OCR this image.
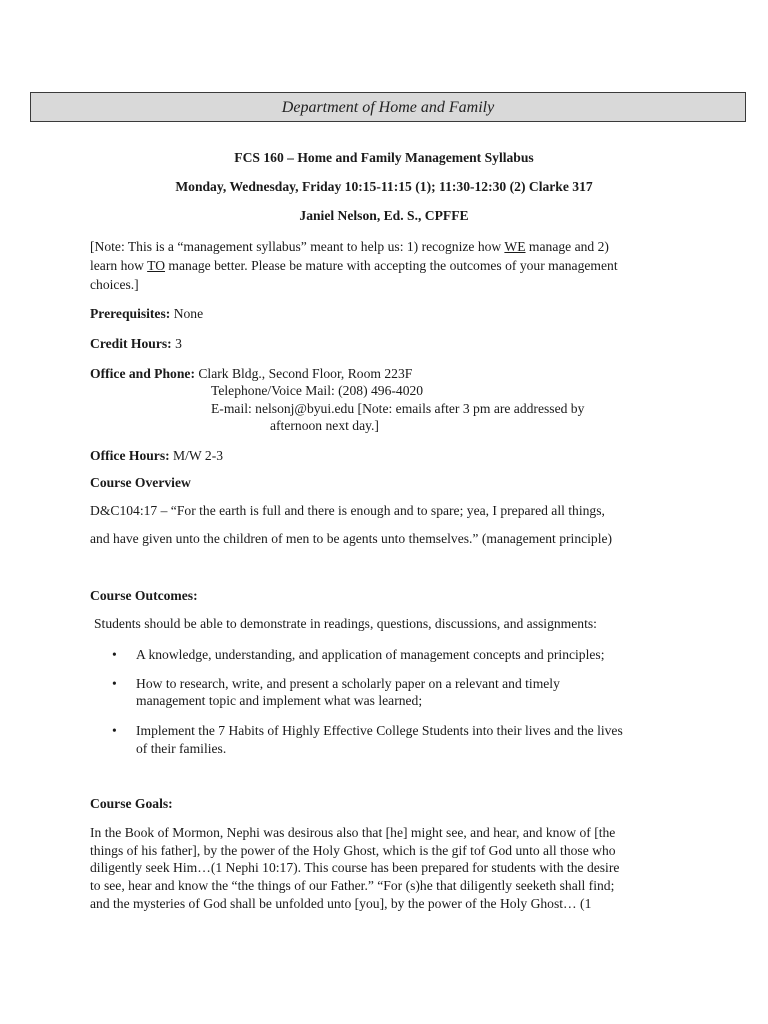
Department of Home and Family
FCS 160 – Home and Family Management Syllabus
Monday, Wednesday, Friday 10:15-11:15 (1); 11:30-12:30 (2) Clarke 317
Janiel Nelson, Ed. S., CPFFE
[Note: This is a “management syllabus” meant to help us: 1) recognize how WE manage and 2)
learn how TO manage better. Please be mature with accepting the outcomes of your management
choices.]
Prerequisites: None
Credit Hours: 3
Office and Phone: Clark Bldg., Second Floor, Room 223F
Telephone/Voice Mail: (208) 496-4020
E-mail: nelsonj@byui.edu [Note: emails after 3 pm are addressed by
afternoon next day.]
Office Hours: M/W 2-3
Course Overview
D&C104:17 – “For the earth is full and there is enough and to spare; yea, I prepared all things,
and have given unto the children of men to be agents unto themselves.” (management principle)
Course Outcomes:
Students should be able to demonstrate in readings, questions, discussions, and assignments:
•	A knowledge, understanding, and application of management concepts and principles;
•	How to research, write, and present a scholarly paper on a relevant and timely
management topic and implement what was learned;
•	Implement the 7 Habits of Highly Effective College Students into their lives and the lives
of their families.
Course Goals:
In the Book of Mormon, Nephi was desirous also that [he] might see, and hear, and know of [the
things of his father], by the power of the Holy Ghost, which is the gif tof God unto all those who
diligently seek Him…(1 Nephi 10:17). This course has been prepared for students with the desire
to see, hear and know the “the things of our Father.” “For (s)he that diligently seeketh shall find;
and the mysteries of God shall be unfolded unto [you], by the power of the Holy Ghost… (1
